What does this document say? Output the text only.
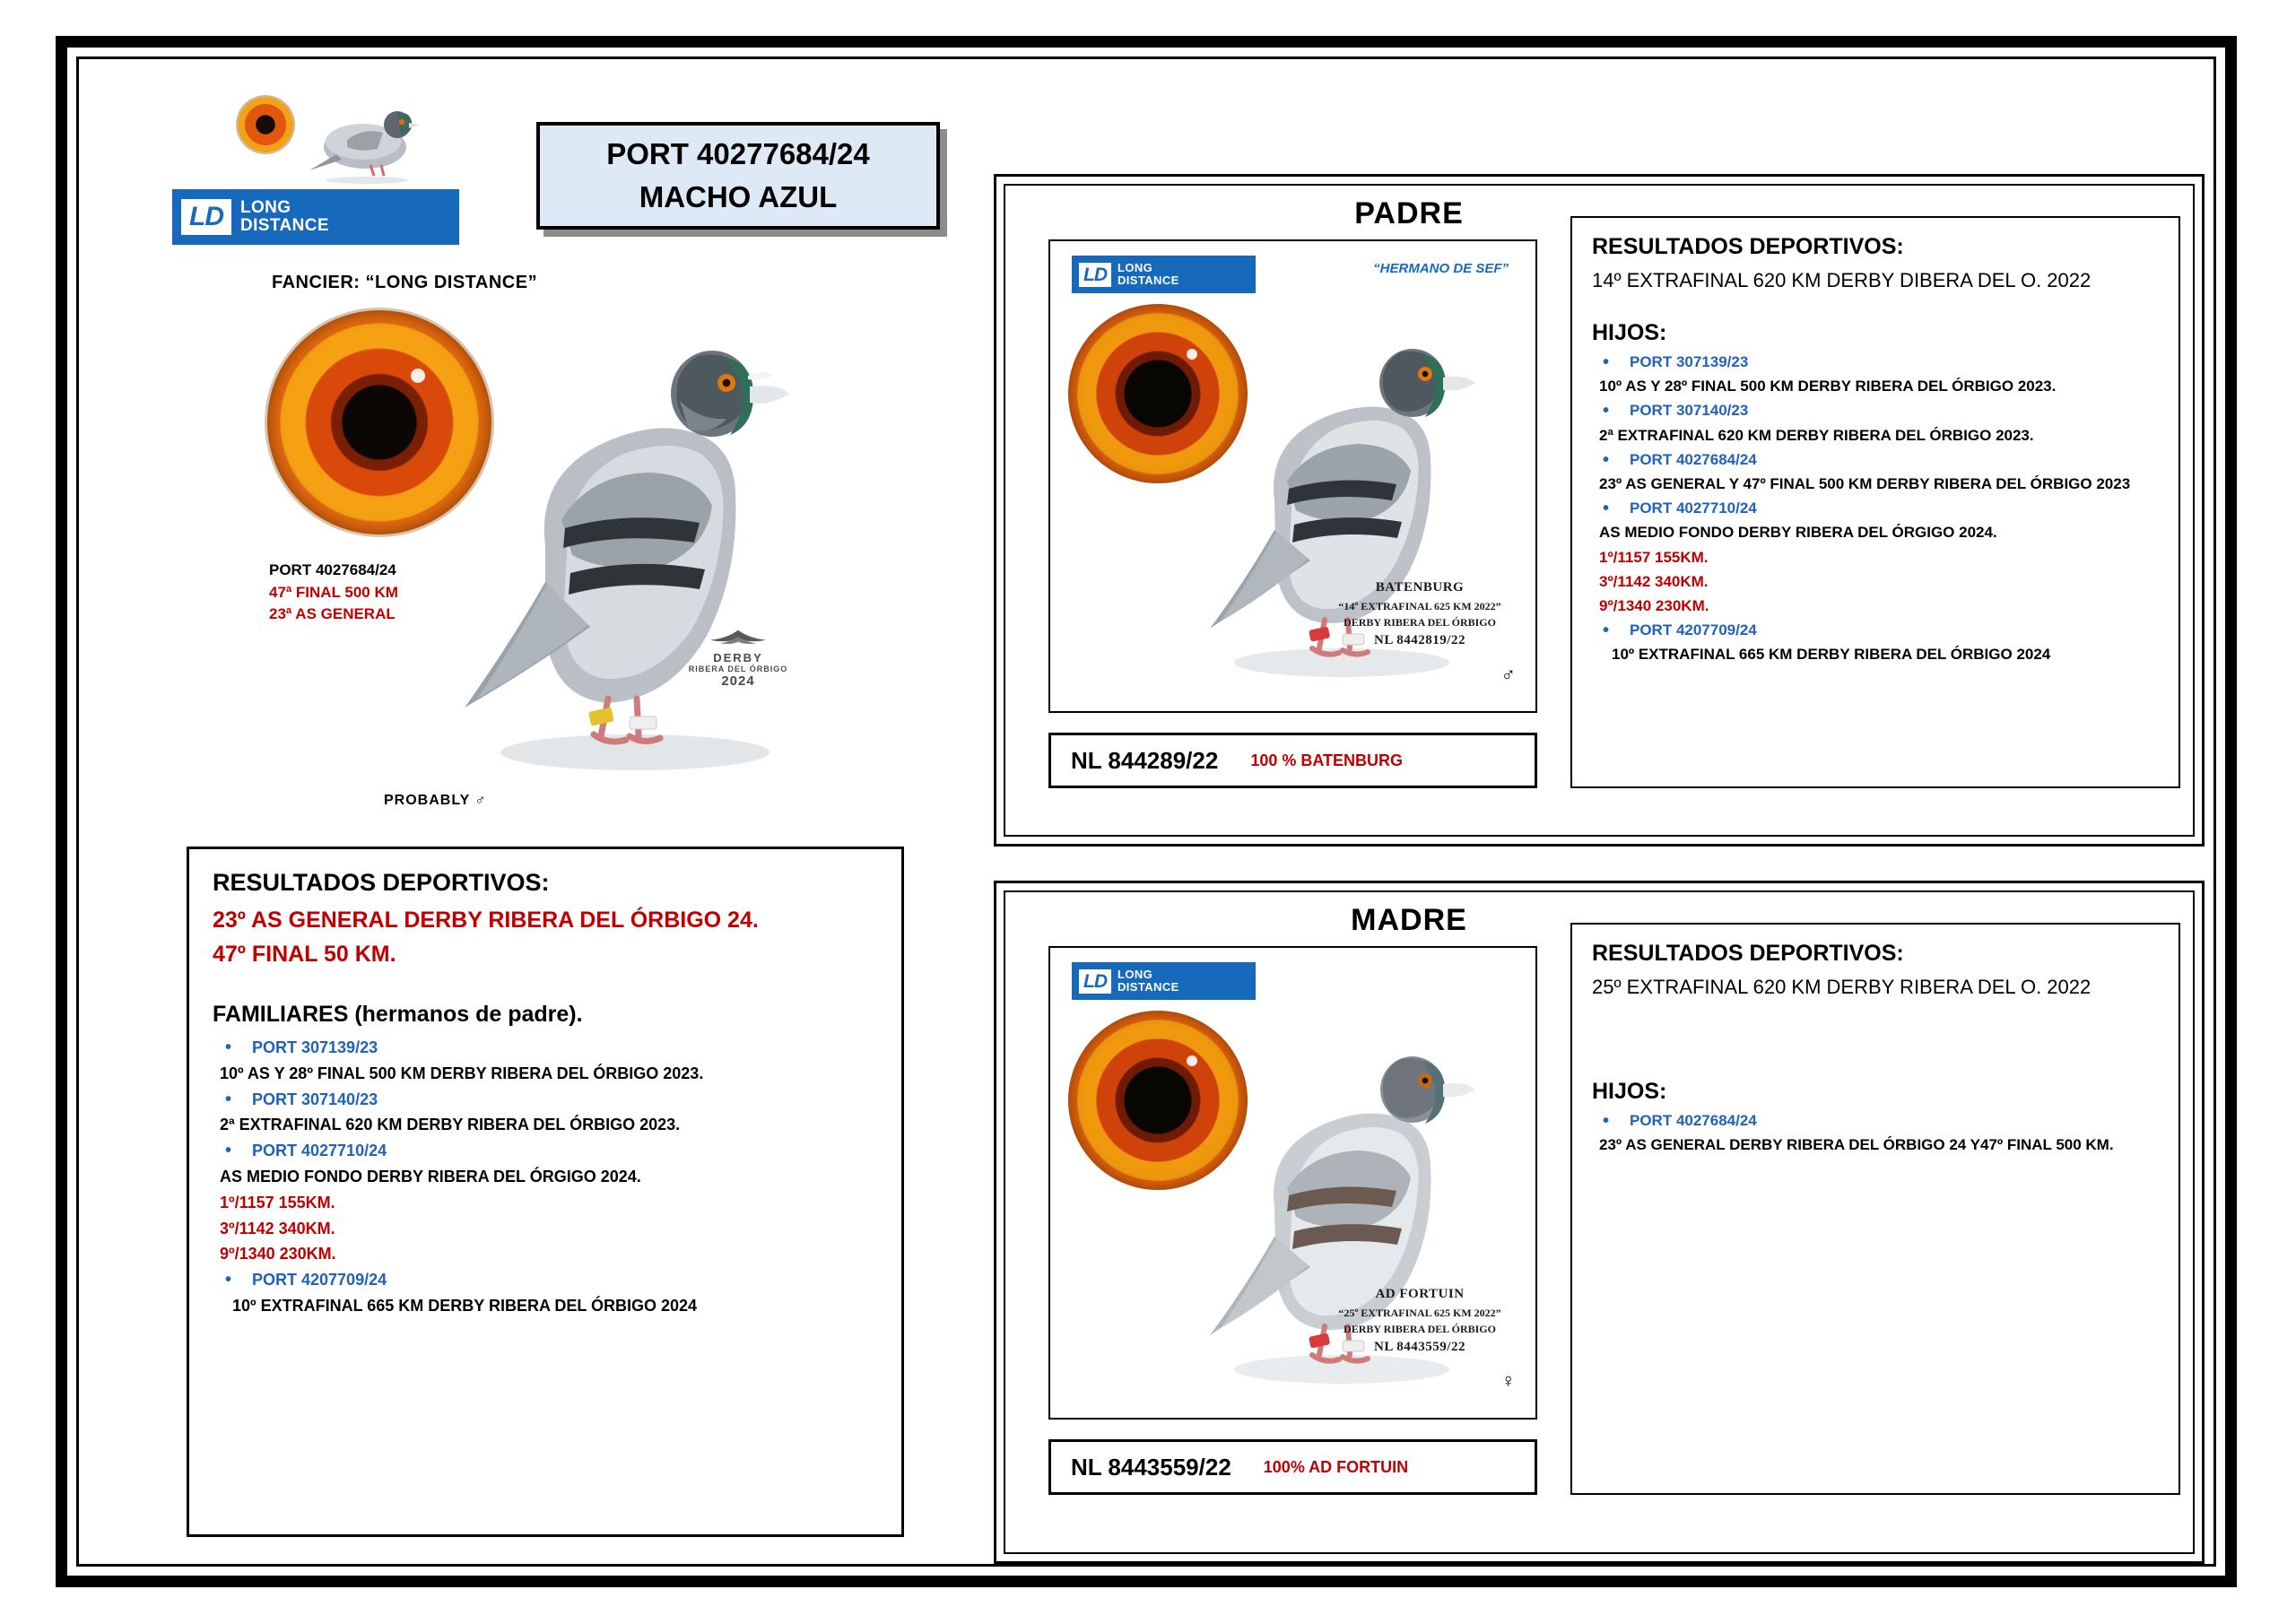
LD	LONG
DISTANCE
PORT 40277684/24
MACHO AZUL
FANCIER: “LONG DISTANCE”
PORT 4027684/24
47ª FINAL 500 KM
23ª AS GENERAL
DERBY
RIBERA DEL ÓRBIGO
2024
PROBABLY ♂
RESULTADOS DEPORTIVOS:
23º AS GENERAL DERBY RIBERA DEL ÓRBIGO 24.
47º FINAL 50 KM.
FAMILIARES (hermanos de padre).
• PORT 307139/23
10º AS Y 28º FINAL 500 KM DERBY RIBERA DEL ÓRBIGO 2023.
• PORT 307140/23
2ª EXTRAFINAL 620 KM DERBY RIBERA DEL ÓRBIGO 2023.
• PORT 4027710/24
AS MEDIO FONDO DERBY RIBERA DEL ÓRGIGO 2024.
1º/1157 155KM.
3º/1142 340KM.
9º/1340 230KM.
• PORT 4207709/24
10º EXTRAFINAL 665 KM DERBY RIBERA DEL ÓRBIGO 2024
PADRE
LD LONG
DISTANCE
“HERMANO DE SEF”
BATENBURG
“14º EXTRAFINAL 625 KM 2022”
DERBY RIBERA DEL ÓRBIGO
NL 8442819/22
♂
NL 844289/22 100 % BATENBURG
RESULTADOS DEPORTIVOS:
14º EXTRAFINAL 620 KM DERBY DIBERA DEL O. 2022
HIJOS:
• PORT 307139/23
10º AS Y 28º FINAL 500 KM DERBY RIBERA DEL ÓRBIGO 2023.
• PORT 307140/23
2ª EXTRAFINAL 620 KM DERBY RIBERA DEL ÓRBIGO 2023.
• PORT 4027684/24
23º AS GENERAL Y 47º FINAL 500 KM DERBY RIBERA DEL ÓRBIGO 2023
• PORT 4027710/24
AS MEDIO FONDO DERBY RIBERA DEL ÓRGIGO 2024.
1º/1157 155KM.
3º/1142 340KM.
9º/1340 230KM.
• PORT 4207709/24
10º EXTRAFINAL 665 KM DERBY RIBERA DEL ÓRBIGO 2024
MADRE
LD LONG
DISTANCE
AD FORTUIN
“25º EXTRAFINAL 625 KM 2022”
DERBY RIBERA DEL ÓRBIGO
NL 8443559/22
♀
NL 8443559/22 100% AD FORTUIN
RESULTADOS DEPORTIVOS:
25º EXTRAFINAL 620 KM DERBY RIBERA DEL O. 2022
HIJOS:
• PORT 4027684/24
23º AS GENERAL DERBY RIBERA DEL ÓRBIGO 24 Y47º FINAL 500 KM.
